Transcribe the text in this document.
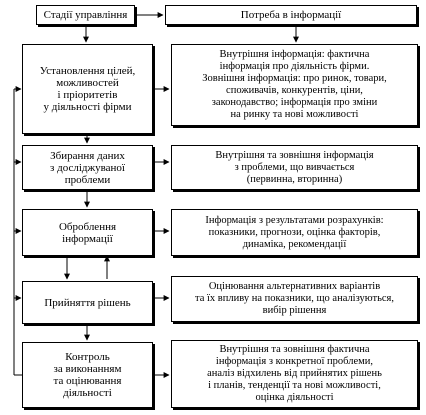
Стадії управління	Потреба в інформації
Установлення цілей,
можливостей
і пріоритетів
у діяльності фірми
Збирання даних
з досліджуваної
проблеми
Оброблення
інформації
Прийняття рішень
Контроль
за виконанням
та оцінювання
діяльності
Внутрішня інформація: фактична
інформація про діяльність фірми.
Зовнішня інформація: про ринок, товари,
споживачів, конкурентів, ціни,
законодавство; інформація про зміни
на ринку та нові можливості
Внутрішня та зовнішня інформація
з проблеми, що вивчається
(первинна, вторинна)
Інформація з результатами розрахунків:
показники, прогнози, оцінка факторів,
динаміка, рекомендації
Оцінювання альтернативних варіантів
та їх впливу на показники, що аналізуються,
вибір рішення
Внутрішня та зовнішня фактична
інформація з конкретної проблеми,
аналіз відхилень від прийнятих рішень
і планів, тенденції та нові можливості,
оцінка діяльності
